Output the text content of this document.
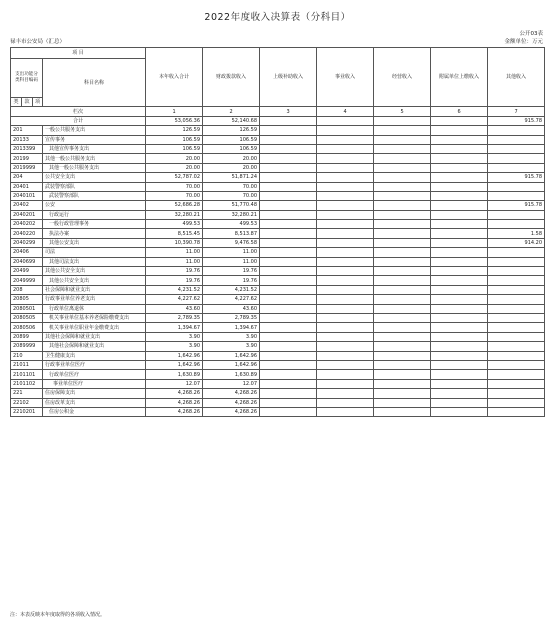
2022年度收入决算表（分科目）
公开03表
金额单位：万元
禄丰市公安局（汇总）
项 目				本年收入合计	财政拨款收入	上级补助收入	事业收入	经营收入	附属单位上缴收入	其他收入
支出功能分类科目编码			科目名称							
类	款	项								
栏次				1	2	3	4	5	6	7
合计				53,056.36	52,140.68					915.78
201			一般公共服务支出	126.59	126.59					
20133			宣传事务	106.59	106.59					
2013399			其他宣传事务支出	106.59	106.59					
20199			其他一般公共服务支出	20.00	20.00					
2019999			其他一般公共服务支出	20.00	20.00					
204			公共安全支出	52,787.02	51,871.24					915.78
20401			武装警察部队	70.00	70.00					
2040101			武装警察部队	70.00	70.00					
20402			公安	52,686.28	51,770.48					915.78
2040201			行政运行	32,280.21	32,280.21					
2040202			一般行政管理事务	499.53	499.53					
2040220			执法办案	8,515.45	8,513.87					1.58
2040299			其他公安支出	10,390.78	9,476.58					914.20
20406			司法	11.00	11.00					
2040699			其他司法支出	11.00	11.00					
20499			其他公共安全支出	19.76	19.76					
2049999			其他公共安全支出	19.76	19.76					
208			社会保障和就业支出	4,231.52	4,231.52					
20805			行政事业单位养老支出	4,227.62	4,227.62					
2080501			行政单位离退休	43.60	43.60					
2080505			机关事业单位基本养老保险缴费支出	2,789.35	2,789.35					
2080506			机关事业单位职业年金缴费支出	1,394.67	1,394.67					
20899			其他社会保障和就业支出	3.90	3.90					
2089999			其他社会保障和就业支出	3.90	3.90					
210			卫生健康支出	1,642.96	1,642.96					
21011			行政事业单位医疗	1,642.96	1,642.96					
2101101			行政单位医疗	1,630.89	1,630.89					
2101102			事业单位医疗	12.07	12.07					
221			住房保障支出	4,268.26	4,268.26					
22102			住房改革支出	4,268.26	4,268.26					
2210201			住房公积金	4,268.26	4,268.26					
注：本表反映本年度取得的各项收入情况。
